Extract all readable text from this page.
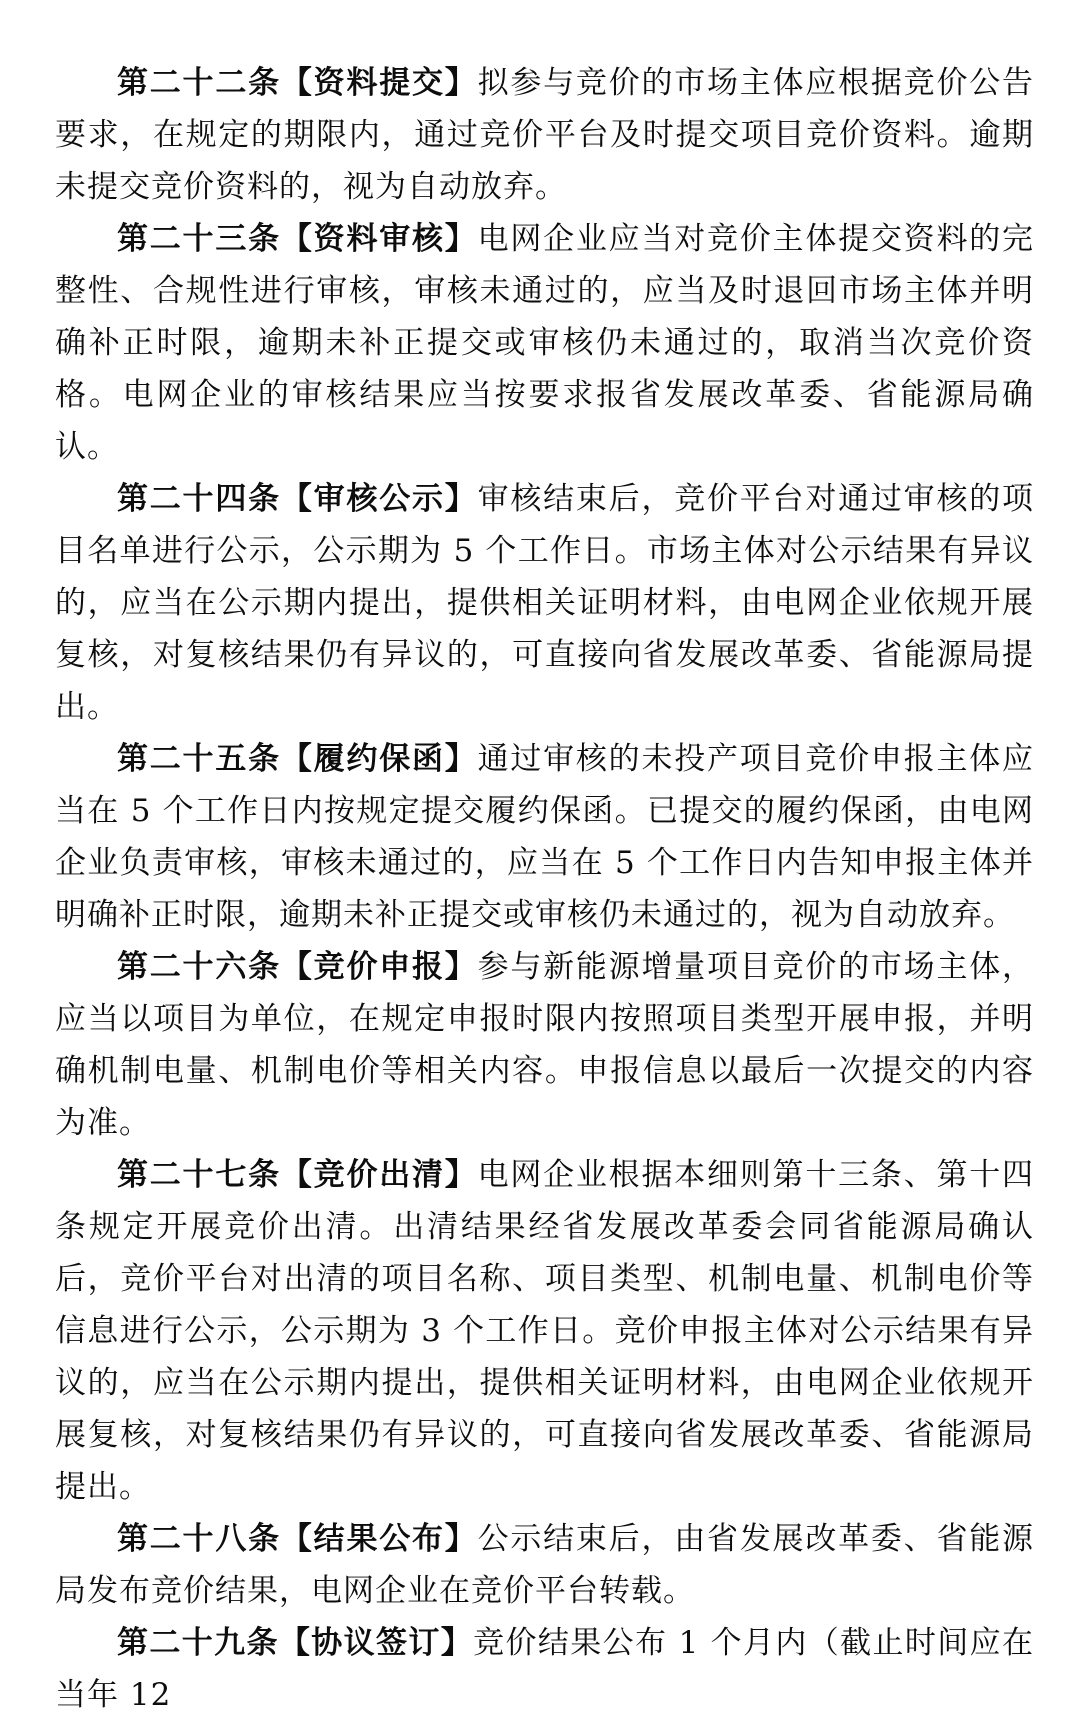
第二十二条【资料提交】拟参与竞价的市场主体应根据竞价公告要求，在规定的期限内，通过竞价平台及时提交项目竞价资料。逾期未提交竞价资料的，视为自动放弃。

第二十三条【资料审核】电网企业应当对竞价主体提交资料的完整性、合规性进行审核，审核未通过的，应当及时退回市场主体并明确补正时限，逾期未补正提交或审核仍未通过的，取消当次竞价资格。电网企业的审核结果应当按要求报省发展改革委、省能源局确认。

第二十四条【审核公示】审核结束后，竞价平台对通过审核的项目名单进行公示，公示期为 5 个工作日。市场主体对公示结果有异议的，应当在公示期内提出，提供相关证明材料，由电网企业依规开展复核，对复核结果仍有异议的，可直接向省发展改革委、省能源局提出。

第二十五条【履约保函】通过审核的未投产项目竞价申报主体应当在 5 个工作日内按规定提交履约保函。已提交的履约保函，由电网企业负责审核，审核未通过的，应当在 5 个工作日内告知申报主体并明确补正时限，逾期未补正提交或审核仍未通过的，视为自动放弃。

第二十六条【竞价申报】参与新能源增量项目竞价的市场主体，应当以项目为单位，在规定申报时限内按照项目类型开展申报，并明确机制电量、机制电价等相关内容。申报信息以最后一次提交的内容为准。

第二十七条【竞价出清】电网企业根据本细则第十三条、第十四条规定开展竞价出清。出清结果经省发展改革委会同省能源局确认后，竞价平台对出清的项目名称、项目类型、机制电量、机制电价等信息进行公示，公示期为 3 个工作日。竞价申报主体对公示结果有异议的，应当在公示期内提出，提供相关证明材料，由电网企业依规开展复核，对复核结果仍有异议的，可直接向省发展改革委、省能源局提出。

第二十八条【结果公布】公示结束后，由省发展改革委、省能源局发布竞价结果，电网企业在竞价平台转载。

第二十九条【协议签订】竞价结果公布 1 个月内（截止时间应在当年 12
